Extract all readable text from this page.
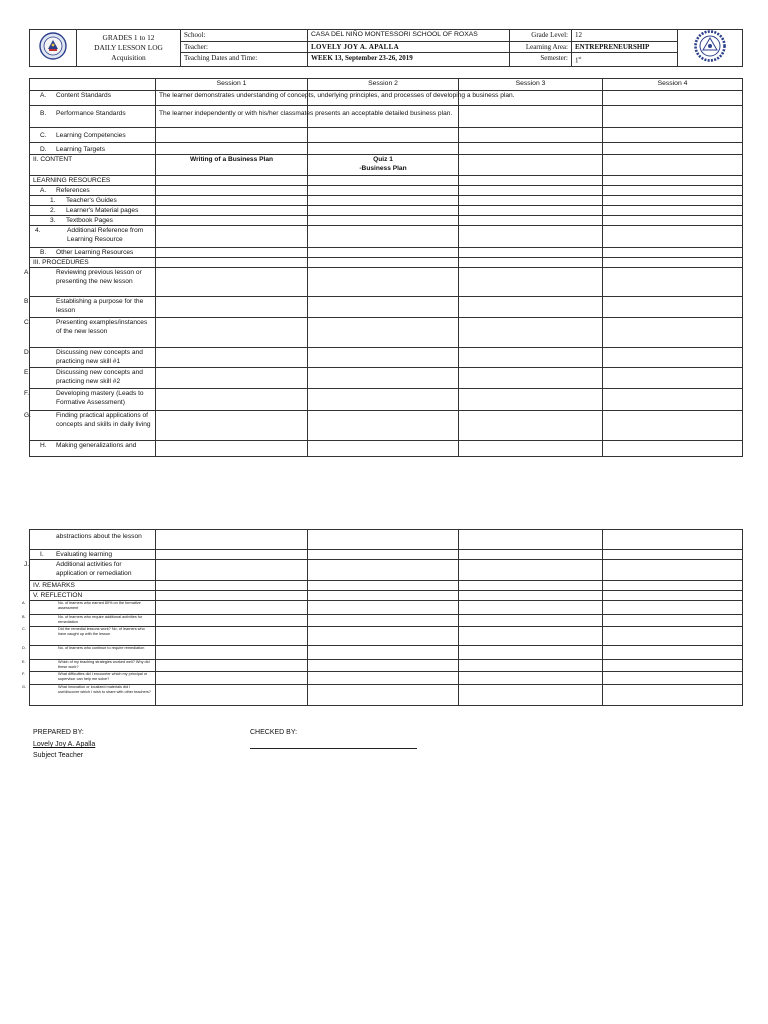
GRADES 1 to 12
DAILY LESSON LOG
Acquisition	School:	CASA DEL NIÑO MONTESSORI SCHOOL OF ROXAS	Grade Level:	12	
		Teacher:	LOVELY JOY A. APALLA	Learning Area:	ENTREPRENEURSHIP	
		Teaching Dates and Time:	WEEK 13, September 23-26, 2019	Semester:	1st
	Session 1	Session 2	Session 3	Session 4
A. Content Standards	The learner demonstrates understanding of concepts, underlying principles, and processes of developing a business plan.			
B. Performance Standards	The learner independently or with his/her classmates presents an acceptable detailed business plan.			
C. Learning Competencies				
D. Learning Targets				
II. CONTENT	Writing of a Business Plan	Quiz 1
-Business Plan		

LEARNING RESOURCES				
A. References				
1. Teacher's Guides				
2. Learner's Material pages				
3. Textbook Pages				

4. Additional Reference from Learning Resource				

B. Other Learning Resources				
III. PROCEDURES				

A. Reviewing previous lesson or presenting the new lesson				

B. Establishing a purpose for the lesson				

C. Presenting examples/instances of the new lesson				

D. Discussing new concepts and practicing new skill #1				

E. Discussing new concepts and practicing new skill #2				

F. Developing mastery (Leads to Formative Assessment)				

G. Finding practical applications of concepts and skills in daily living				

H. Making generalizations and				
abstractions about the lesson				
I. Evaluating learning				

J. Additional activities for application or remediation				

IV. REMARKS				
V. REFLECTION				

A. No. of learners who earned 80% on the formative assessment				

B. No. of learners who require additional activities for remediation				

C. Did the remedial lessons work? No. of learners who have caught up with the lesson				

D. No. of learners who continue to require remediation				

E. Which of my teaching strategies worked well? Why did these work?				

F. What difficulties did I encounter which my principal or supervisor can help me solve?				

G. What innovation or localized materials did I use/discover which I wish to share with other teachers?				

PREPARED BY:
Lovely Joy A. Apalla
Subject Teacher
CHECKED BY:
